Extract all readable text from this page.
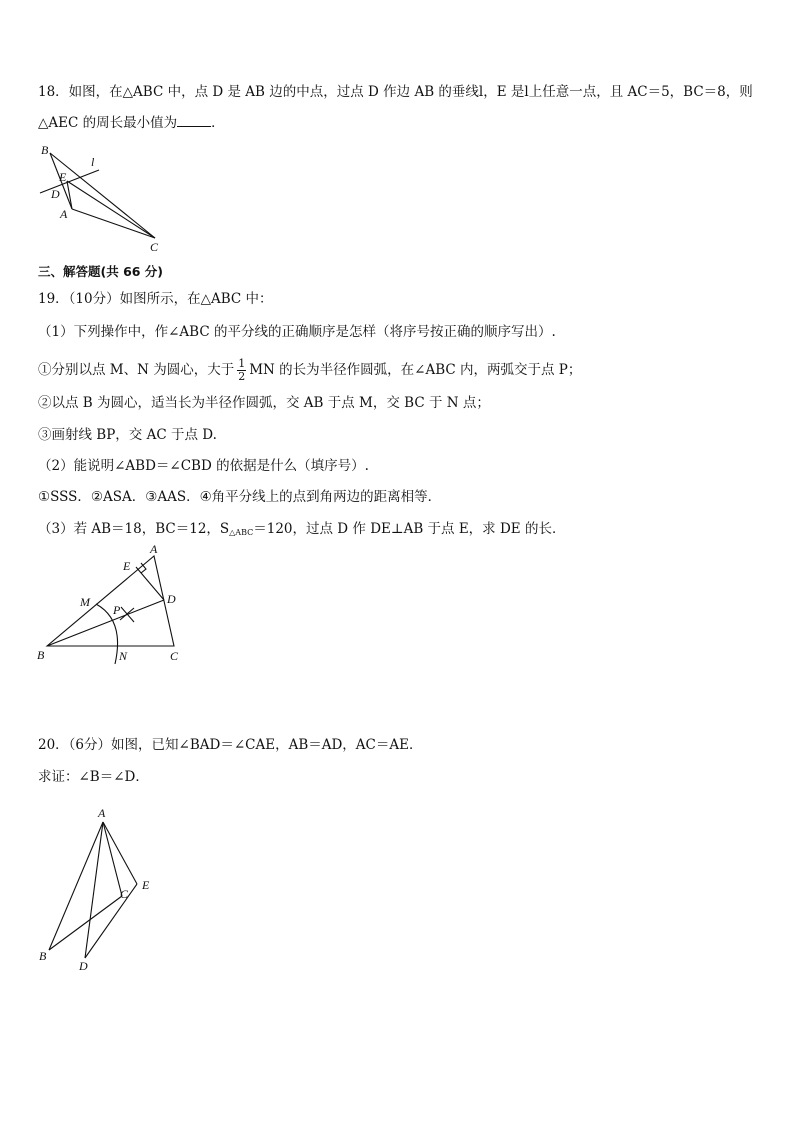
18．如图，在△ABC 中，点 D 是 AB 边的中点，过点 D 作边 AB 的垂线l，E 是l上任意一点，且 AC＝5，BC＝8，则
△AEC 的周长最小值为	．
B
l
E
D
A
C
三、解答题(共 66 分)
19．（10分）如图所示，在△ABC 中：
（1）下列操作中，作∠ABC 的平分线的正确顺序是怎样（将序号按正确的顺序写出）.
①分别以点 M、N 为圆心，大于 $\frac{1}{2}$ MN 的长为半径作圆弧，在∠ABC 内，两弧交于点 P；
②以点 B 为圆心，适当长为半径作圆弧，交 AB 于点 M，交 BC 于 N 点；
③画射线 BP，交 AC 于点 D.
（2）能说明∠ABD＝∠CBD 的依据是什么（填序号）.
①SSS．②ASA．③AAS．④角平分线上的点到角两边的距离相等．
（3）若 AB＝18，BC＝12，$S_{\triangle ABC}=120$，过点 D 作 DE⊥AB 于点 E，求 DE 的长．
A
E
M
P
D
B	N	C
20．（6分）如图，已知∠BAD＝∠CAE，AB＝AD，AC＝AE．
求证：∠B＝∠D．
A
C
E
B
D
